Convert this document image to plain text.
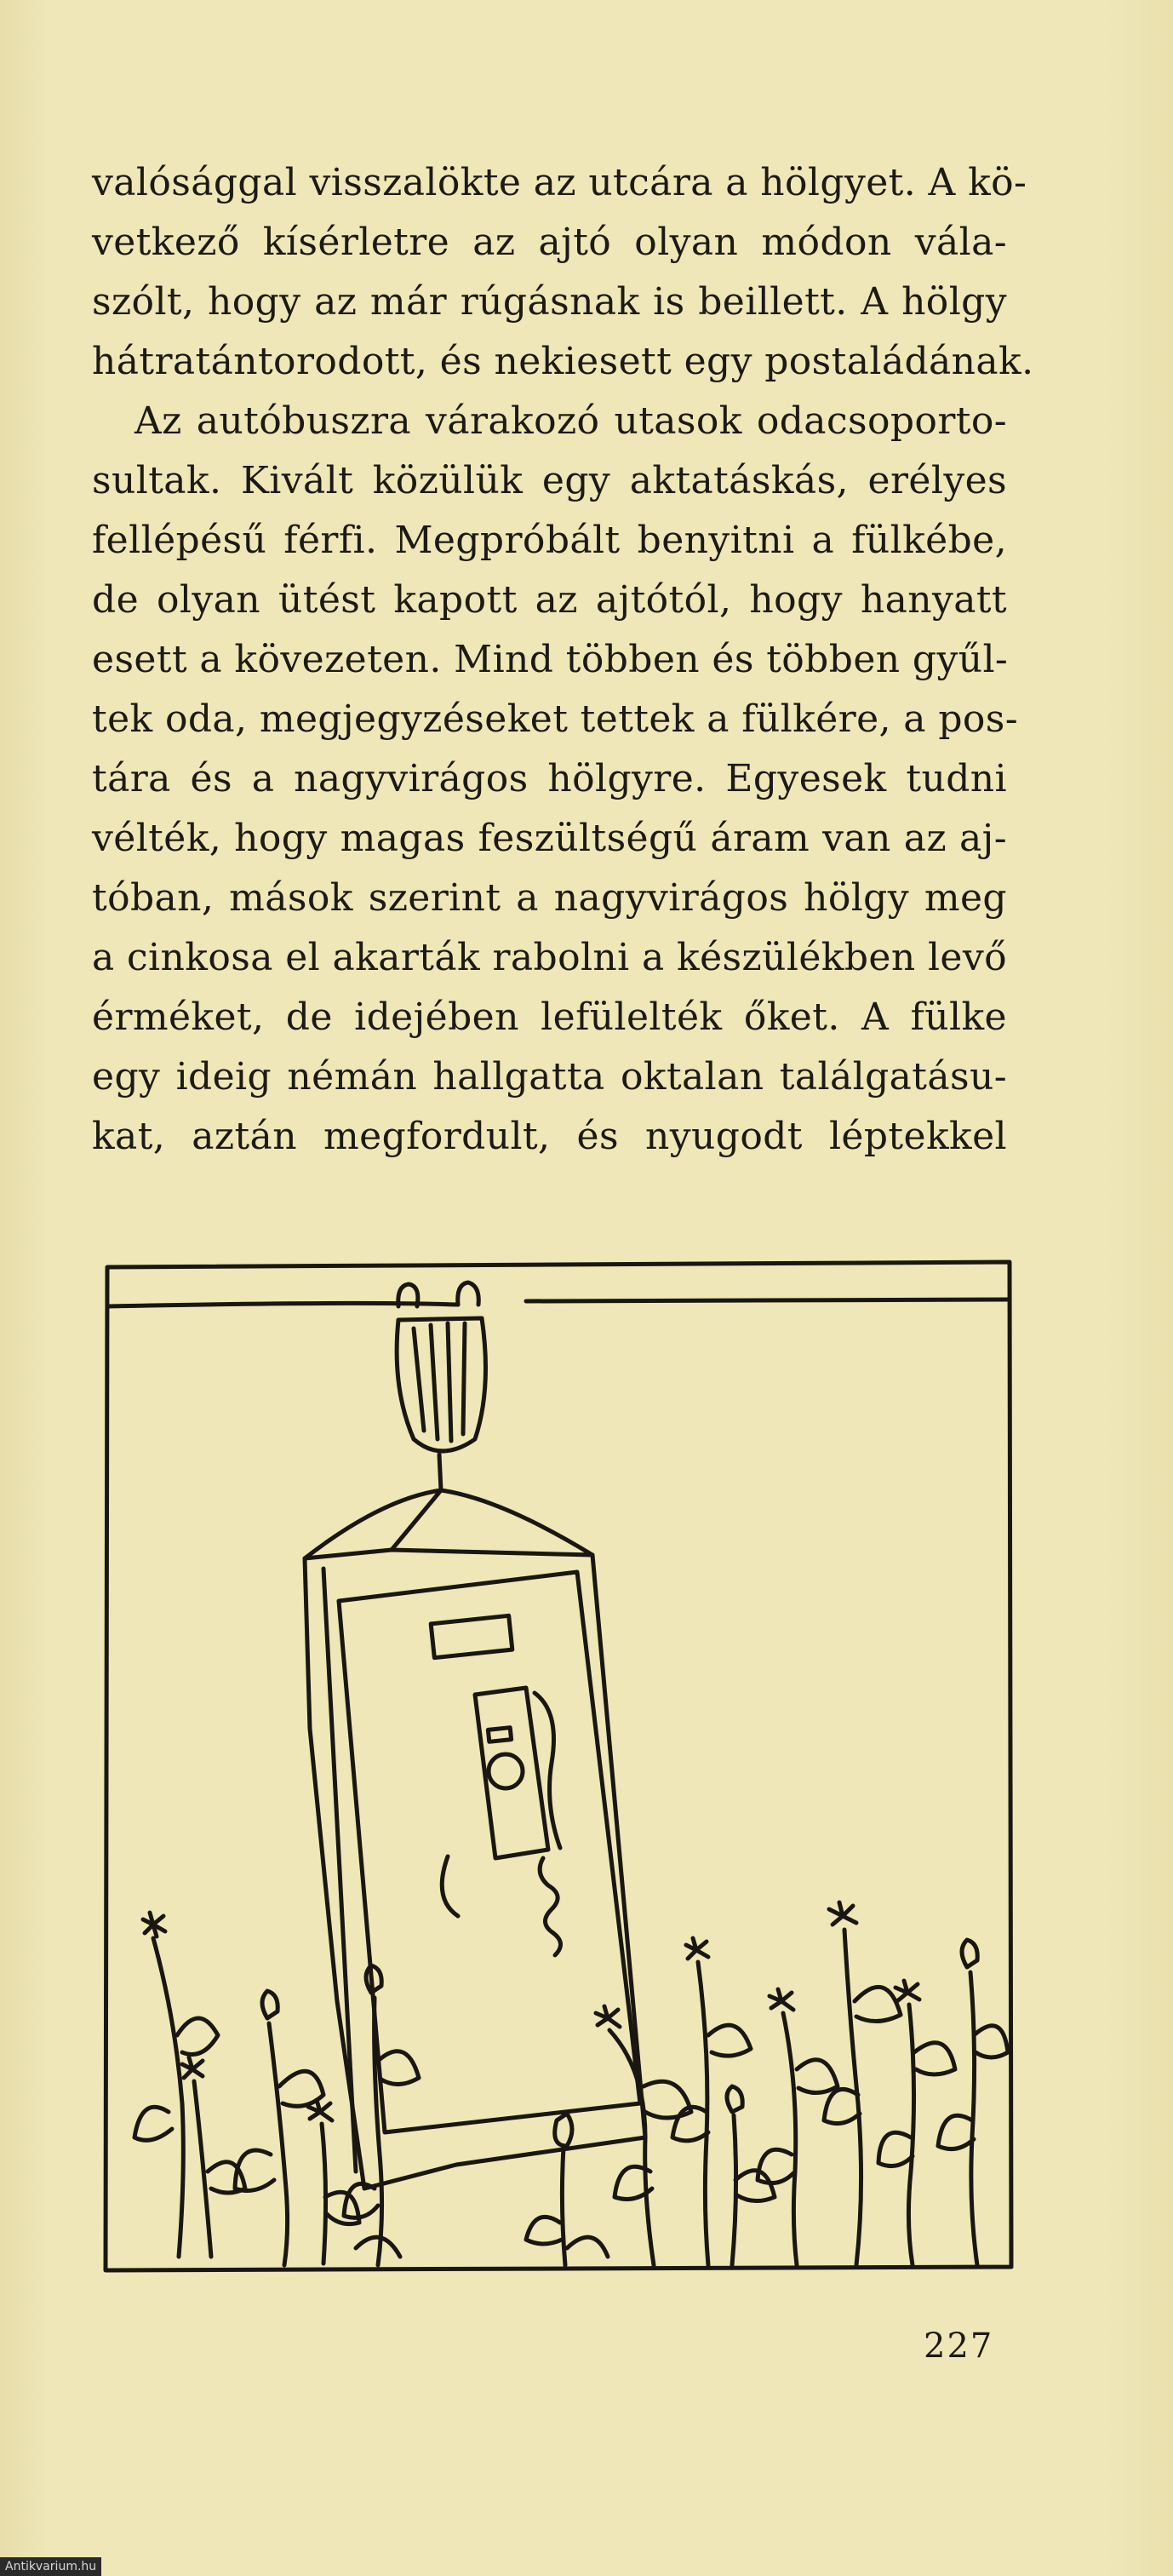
valósággal visszalökte az utcára a hölgyet. A kö-
vetkező kísérletre az ajtó olyan módon vála-
szólt, hogy az már rúgásnak is beillett. A hölgy
hátratántorodott, és nekiesett egy postaládának.
Az autóbuszra várakozó utasok odacsoporto-
sultak. Kivált közülük egy aktatáskás, erélyes
fellépésű férfi. Megpróbált benyitni a fülkébe,
de olyan ütést kapott az ajtótól, hogy hanyatt
esett a kövezeten. Mind többen és többen gyűl-
tek oda, megjegyzéseket tettek a fülkére, a pos-
tára és a nagyvirágos hölgyre. Egyesek tudni
vélték, hogy magas feszültségű áram van az aj-
tóban, mások szerint a nagyvirágos hölgy meg
a cinkosa el akarták rabolni a készülékben levő
érméket, de idejében lefülelték őket. A fülke
egy ideig némán hallgatta oktalan találgatásu-
kat, aztán megfordult, és nyugodt léptekkel
227
Antikvarium.hu
